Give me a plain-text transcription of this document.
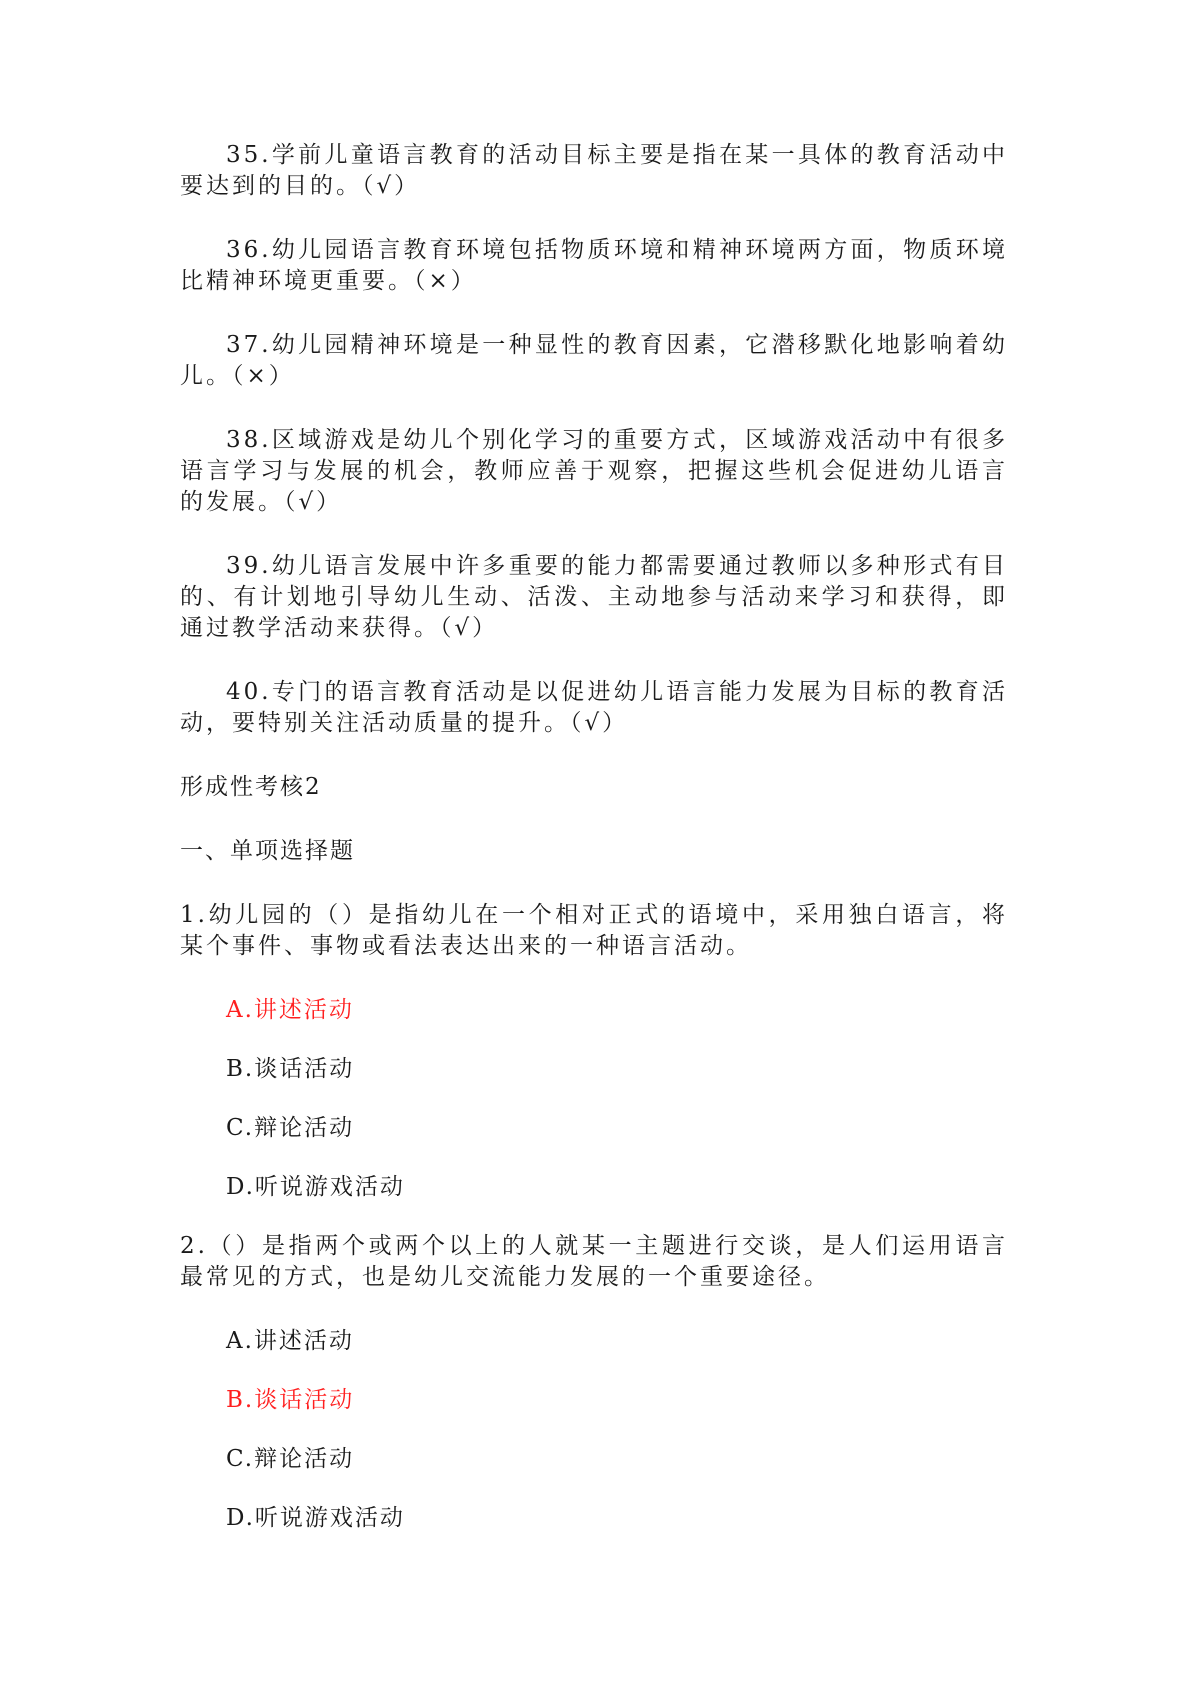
35.学前儿童语言教育的活动目标主要是指在某一具体的教育活动中要达到的目的。（√）

36.幼儿园语言教育环境包括物质环境和精神环境两方面，物质环境比精神环境更重要。（×）

37.幼儿园精神环境是一种显性的教育因素，它潜移默化地影响着幼儿。（×）

38.区域游戏是幼儿个别化学习的重要方式，区域游戏活动中有很多语言学习与发展的机会，教师应善于观察，把握这些机会促进幼儿语言的发展。（√）

39.幼儿语言发展中许多重要的能力都需要通过教师以多种形式有目的、有计划地引导幼儿生动、活泼、主动地参与活动来学习和获得，即通过教学活动来获得。（√）

40.专门的语言教育活动是以促进幼儿语言能力发展为目标的教育活动，要特别关注活动质量的提升。（√）

形成性考核2

一、单项选择题

1.幼儿园的（）是指幼儿在一个相对正式的语境中，采用独白语言，将某个事件、事物或看法表达出来的一种语言活动。

A.讲述活动

B.谈话活动

C.辩论活动

D.听说游戏活动

2.（）是指两个或两个以上的人就某一主题进行交谈，是人们运用语言最常见的方式，也是幼儿交流能力发展的一个重要途径。

A.讲述活动

B.谈话活动

C.辩论活动

D.听说游戏活动
